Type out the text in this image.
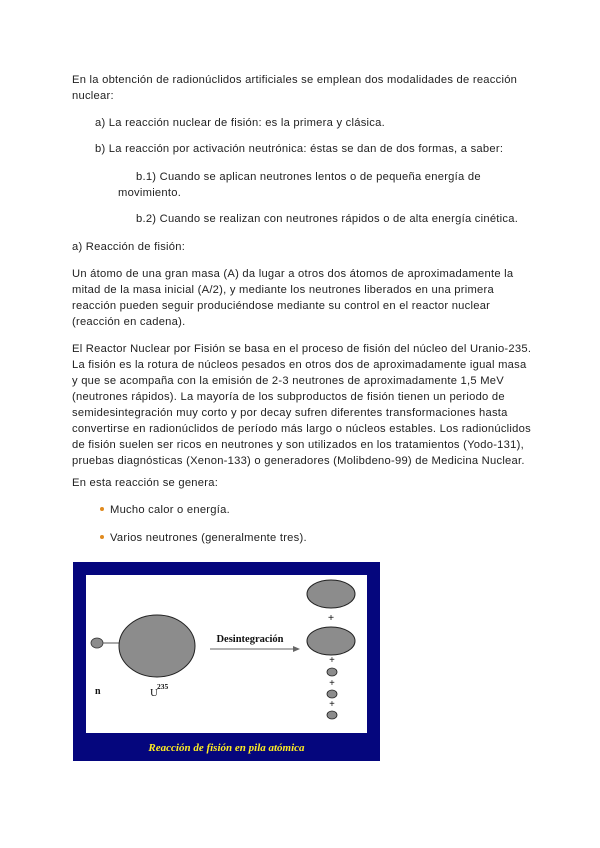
En la obtención de radionúclidos artificiales se emplean dos modalidades de reacción
nuclear:

a) La reacción nuclear de fisión: es la primera y clásica.

b) La reacción por activación neutrónica: éstas se dan de dos formas, a saber:

b.1) Cuando se aplican neutrones lentos o de pequeña energía de
movimiento.

b.2) Cuando se realizan con neutrones rápidos o de alta energía cinética.

a) Reacción de fisión:

Un átomo de una gran masa (A) da lugar a otros dos átomos de aproximadamente la
mitad de la masa inicial (A/2), y mediante los neutrones liberados en una primera
reacción pueden seguir produciéndose mediante su control en el reactor nuclear
(reacción en cadena).

El Reactor Nuclear por Fisión se basa en el proceso de fisión del núcleo del Uranio-235.
La fisión es la rotura de núcleos pesados en otros dos de aproximadamente igual masa
y que se acompaña con la emisión de 2-3 neutrones de aproximadamente 1,5 MeV
(neutrones rápidos). La mayoría de los subproductos de fisión tienen un periodo de
semidesintegración muy corto y por decay sufren diferentes transformaciones hasta
convertirse en radionúclidos de período más largo o núcleos estables. Los radionúclidos
de fisión suelen ser ricos en neutrones y son utilizados en los tratamientos (Yodo-131),
pruebas diagnósticas (Xenon-133) o generadores (Molibdeno-99) de Medicina Nuclear.

En esta reacción se genera:

Mucho calor o energía.
Varios neutrones (generalmente tres).
+
+
+
+
Desintegración
n	U
235
Reacción de fisión en pila atómica
